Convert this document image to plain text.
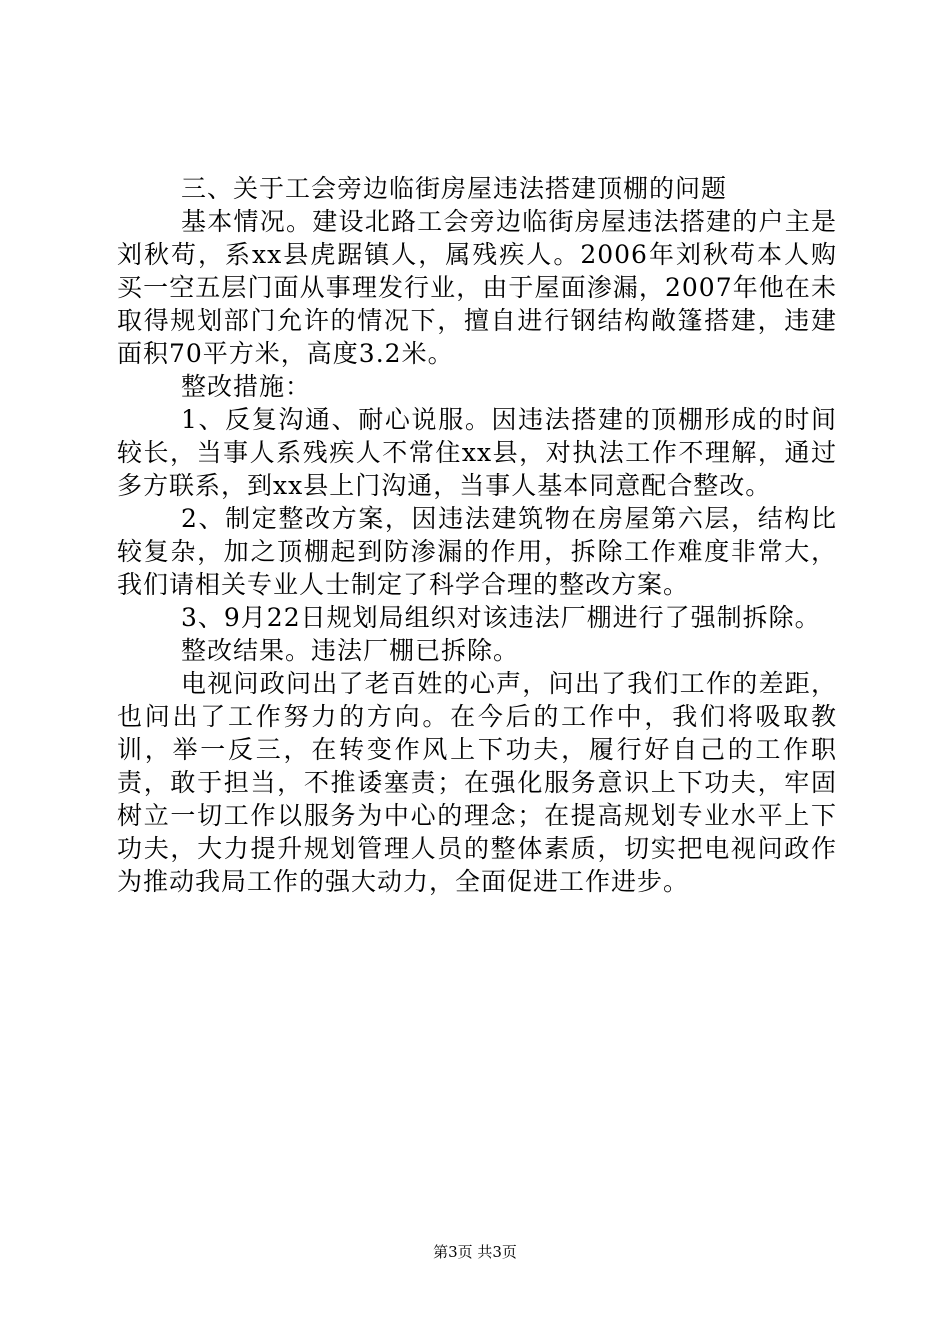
三、关于工会旁边临街房屋违法搭建顶棚的问题

基本情况。建设北路工会旁边临街房屋违法搭建的户主是刘秋苟，系xx县虎踞镇人，属残疾人。2006年刘秋苟本人购买一空五层门面从事理发行业，由于屋面渗漏，2007年他在未取得规划部门允许的情况下，擅自进行钢结构敞篷搭建，违建面积70平方米，高度3.2米。

整改措施：

1、反复沟通、耐心说服。因违法搭建的顶棚形成的时间较长，当事人系残疾人不常住xx县，对执法工作不理解，通过多方联系，到xx县上门沟通，当事人基本同意配合整改。

2、制定整改方案，因违法建筑物在房屋第六层，结构比较复杂，加之顶棚起到防渗漏的作用，拆除工作难度非常大，我们请相关专业人士制定了科学合理的整改方案。

3、9月22日规划局组织对该违法厂棚进行了强制拆除。

整改结果。违法厂棚已拆除。

电视问政问出了老百姓的心声，问出了我们工作的差距，也问出了工作努力的方向。在今后的工作中，我们将吸取教训，举一反三，在转变作风上下功夫，履行好自己的工作职责，敢于担当，不推诿塞责；在强化服务意识上下功夫，牢固树立一切工作以服务为中心的理念；在提高规划专业水平上下功夫，大力提升规划管理人员的整体素质，切实把电视问政作为推动我局工作的强大动力，全面促进工作进步。

第3页 共3页
